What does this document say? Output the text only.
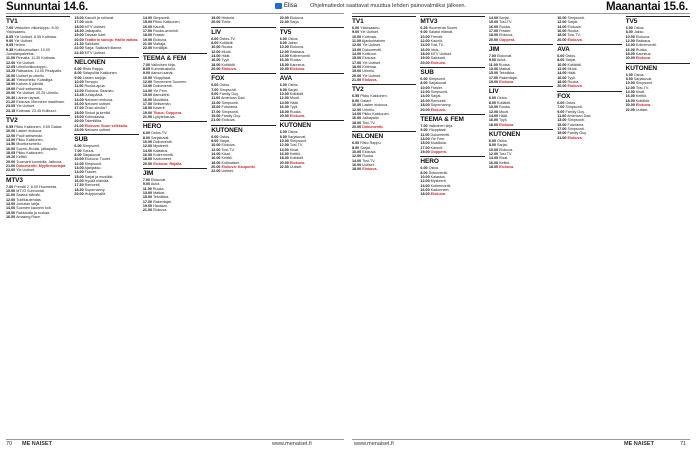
Sunnuntai 14.6.	Elisa Ohjelmatiedot saattavat muuttua lehden painovalmiiksi jälkeen.	Maanantai 15.6.
TV1
7.00 Vekkulien viikonloppu. 8.00 Ykkösaamu.
8.05 Yle Uutiset. 8.55 Kotimaa.
9.00 Yle Uutiset.
9.05 Heimo.
9.35 Kulttuuriuutiset. 10.00 Jumalanpalvelus.
11.00 Pinnalla. 11.30 Kotimaa.
12.00 Yle Uutiset.
12.05 Urheiluviikonloppu.
13.25 Ratsastus. 14.00 Pesäpallo.
16.00 Uutiset ja urheilu.
16.30 Yleisurheilu: Kultaliiga.
18.00 Kahvia & päivää.
19.00 Puoli seitsemän.
20.00 Yle Uutiset. 20.25 Urheilu.
20.30 Lännen lapset.
21.20 Elokuva: Menneen maailman.
23.05 Yle Uutiset.
23.15 Kotimaa. 23.45 Kulttuuri.
TV2
6.55 Pikku Kakkonen. 9.55 Galaxi.
10.00 Lasten elokuva.
12.00 Puoli seitsemän.
13.00 Pikku Kakkonen.
14.50 Moottoriurheilu.
16.00 Suomi–Ruotsi, jalkapallo.
18.05 Pikku Kakkonen.
19.20 Keittiö.
20.00 Tuomarit tuomiolla. Jatkuva.
21.00 Dokumentti: Myytinmurtajat.
22.00 Yle Uutiset.
MTV3
7.00 Frendit 2. 8.00 Huomenta.
10.00 MTV3 Sunnuntai.
11.00 Salatut elämät.
12.00 Tulitikkutehdas.
13.00 Jumalan lahja.
14.00 Suomen kaunein koti.
15.00 Rakkautta ja ruokaa.
16.00 Amazing Race.
15.00 Kauniit ja rohkeat.
17.00 Idols.
18.00 MTV Uutiset.
18.30 Jalkapallo.
19.00 Taivaan tulet.
20.00 Teatterin sanoja: Hallin valtias.
21.30 Salkkarit.
22.00 Sarja: Salkkarit tilanne.
22.30 MTV Uutiset.
NELONEN
6.00 Risto Rappu.
8.00 Salapoliisi Kakkonen.
9.00 Lasten sarjoja.
10.00 Temppu.
11.00 Ruoka-apua.
12.00 Elokuva: Saaristo.
13.45 Juhlapäivä.
14.00 Nelonen elokuva.
16.00 Nelosen uutiset.
17.00 Onko sinulla?
18.00 Sinkut ja kentät.
19.00 Kotimaassa.
20.00 Talenttiilta.
21.00 Elokuva: Suuri seikkailu.
23.00 Nelosen uutiset.
SUB
6.00 Simpsonit.
7.00 Totuus.
8.00 Sarjakuvat.
10.00 Elokuva: Tuulet.
12.00 Simpsonit.
13.00 Ajanjakso.
14.00 Frasier.
15.00 Sarjat ja musiikki.
16.00 Hyvää elämää.
17.30 Remontti.
18.30 Supernanny.
20.00 Huippumallit.
14.00 Simpsonit.
15.00 Pikku Kakkonen.
16.00 Kauniit.
17.00 Ruoka-arviointi.
18.00 Frasier.
19.00 Elokuva.
21.00 Voittaja.
22.00 Keräilijät.
TEEMA & FEM
7.00 Valkoinen kirja.
8.05 Kummituskello.
9.00 Aamun sanat.
10.00 Ylioppilaat.
12.00 Tunnemme Suomen.
13.00 Dokumentti.
14.00 Yle Fem.
15.00 Aamulehti.
16.00 Musiikkia.
17.00 Seitsemän.
18.00 Kaverit.
19.00 Tilaus: Ooppera.
21.00 Lyhytelokuva.
HERO
6.00 Ostos-TV.
8.00 Sarjakuvat.
10.00 Dokumentti.
12.00 Mysteerit.
14.00 Kalastus.
16.00 Kotiremontti.
18.00 Kadonneet.
20.00 Elokuva: Rajalla.
JIM
7.00 Elokuvat.
9.00 Autot.
11.00 Ruoka.
13.00 Matkat.
15.00 Tekniikka.
17.00 Rakentajat.
19.00 Hauskat.
21.00 Elokuva.
19.00 Historia.
20.00 Tiede.
LIV
6.00 Ostos-TV.
8.00 Kotiäidit.
10.00 Ruoka.
12.00 Muoti.
14.00 Häät.
16.00 Tyyli.
18.00 Kotiäidit.
20.00 Elokuva.
FOX
6.00 Ostos.
7.00 Simpsonit.
9.00 Family Guy.
11.00 American Dad.
13.00 Simpsonit.
15.00 Futurama.
17.00 Simpsonit.
19.00 Family Guy.
21.00 Elokuva.
KUTONEN
6.00 Ostos.
8.00 Sarjat.
10.00 Elokuva.
12.00 Tosi-TV.
14.00 Kisat.
16.00 Keittiö.
18.00 Kotimaiset.
20.00 Elokuva: Kaupunki.
22.00 Uutiset.
20.00 Elokuva.
22.00 Sarja.
TV5
6.00 Ostos.
8.00 Jakso.
10.00 Elokuva.
12.00 Rakkaus.
14.00 Kotiremontti.
16.00 Ruoka.
18.00 Kauneus.
20.00 Elokuva.
AVA
6.00 Ostos.
8.00 Sarjat.
10.00 Kotiäidit.
12.00 Muoti.
14.00 Häät.
16.00 Tyyli.
18.00 Ruoka.
20.00 Elokuva.
KUTONEN
6.00 Ostos.
8.00 Sarjakuvat.
10.00 Simpsonit.
12.00 Tosi-TV.
14.00 Kisat.
16.00 Keittiö.
18.00 Kotiäidit.
20.00 Elokuva.
22.00 Uutiset.
TV1
6.00 Ykkösaamu.
9.00 Yle Uutiset.
10.00 Kotimaa.
11.00 Ajankohtainen.
12.00 Yle Uutiset.
13.00 Dokumentti.
14.00 Kulttuuri.
15.00 Elokuva.
17.00 Yle Uutiset.
18.00 Kotimaa.
19.00 Urheilu.
20.00 Yle Uutiset.
21.00 Elokuva.
TV2
6.55 Pikku Kakkonen.
8.00 Galaxi.
10.00 Lasten elokuva.
12.00 Urheilu.
14.00 Pikku Kakkonen.
16.00 Jalkapallo.
18.00 Tosi-TV.
20.00 Dokumentti.
NELONEN
6.00 Risto Rappu.
8.00 Sarjat.
10.00 Elokuva.
12.00 Ruoka.
14.00 Tosi-TV.
16.00 Uutiset.
18.00 Elokuva.
MTV3
6.25 Huomenta Suomi.
9.00 Salatut elämät.
10.00 Frendit.
12.00 Kauniit.
14.00 Tosi-TV.
16.00 Idols.
18.00 MTV Uutiset.
19.00 Salkkarit.
20.00 Elokuva.
SUB
6.00 Simpsonit.
8.00 Sarjakuvat.
10.00 Frasier.
12.00 Simpsonit.
14.00 Sarjat.
16.00 Remontti.
18.00 Supernanny.
20.00 Elokuva.
TEEMA & FEM
7.00 Valkoinen kirja.
9.00 Ylioppilaat.
11.00 Dokumentti.
13.00 Yle Fem.
15.00 Musiikkia.
17.00 Kaverit.
19.00 Ooppera.
HERO
6.00 Ostos.
8.00 Dokumentti.
10.00 Kalastus.
12.00 Mysteerit.
14.00 Kotiremontti.
16.00 Kadonneet.
18.00 Elokuva.
14.00 Sarjat.
15.00 Tosi-TV.
16.00 Ruoka.
17.00 Frasier.
18.00 Elokuva.
20.00 Ooppera.
JIM
7.00 Elokuvat.
9.00 Autot.
11.00 Ruoka.
13.00 Matkat.
15.00 Tekniikka.
17.00 Rakentajat.
19.00 Elokuva.
LIV
6.00 Ostos.
8.00 Kotiäidit.
10.00 Ruoka.
12.00 Muoti.
14.00 Häät.
16.00 Tyyli.
18.00 Elokuva.
KUTONEN
6.00 Ostos.
8.00 Sarjat.
10.00 Elokuva.
12.00 Tosi-TV.
14.00 Kisat.
16.00 Keittiö.
18.00 Elokuva.
10.00 Simpsonit.
12.00 Sarjat.
14.00 Elokuva.
16.00 Ruoka.
18.00 Tosi-TV.
20.00 Elokuva.
AVA
6.00 Ostos.
8.00 Sarjat.
10.00 Kotiäidit.
12.00 Muoti.
14.00 Häät.
16.00 Tyyli.
18.00 Ruoka.
20.00 Elokuva.
FOX
6.00 Ostos.
7.00 Simpsonit.
9.00 Family Guy.
11.00 American Dad.
13.00 Simpsonit.
15.00 Futurama.
17.00 Simpsonit.
19.00 Family Guy.
21.00 Elokuva.
TV5
6.00 Ostos.
8.00 Jakso.
10.00 Elokuva.
12.00 Rakkaus.
14.00 Kotiremontti.
16.00 Ruoka.
18.00 Kauneus.
20.00 Elokuva.
KUTONEN
6.00 Ostos.
8.00 Sarjakuvat.
10.00 Simpsonit.
12.00 Tosi-TV.
14.00 Kisat.
16.00 Keittiö.
18.00 Kotiäidit.
20.00 Elokuva.
22.00 Uutiset.
70 ME NAISET	www.menaiset.fi	www.menaiset.fi	ME NAISET	71
